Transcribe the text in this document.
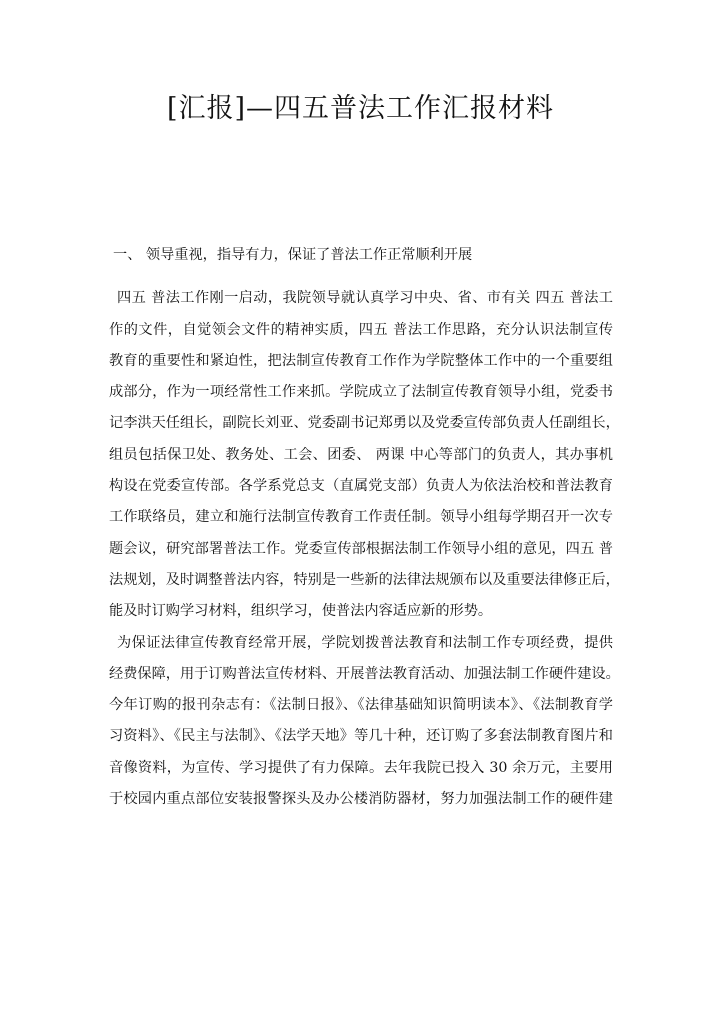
[汇报]—四五普法工作汇报材料
一、 领导重视，指导有力，保证了普法工作正常顺利开展
四五 普法工作刚一启动，我院领导就认真学习中央、省、市有关 四五 普法工
作的文件，自觉领会文件的精神实质，四五 普法工作思路，充分认识法制宣传
教育的重要性和紧迫性，把法制宣传教育工作作为学院整体工作中的一个重要组
成部分，作为一项经常性工作来抓。学院成立了法制宣传教育领导小组，党委书
记李洪天任组长，副院长刘亚、党委副书记郑勇以及党委宣传部负责人任副组长，
组员包括保卫处、教务处、工会、团委、 两课 中心等部门的负责人，其办事机
构设在党委宣传部。各学系党总支（直属党支部）负责人为依法治校和普法教育
工作联络员，建立和施行法制宣传教育工作责任制。领导小组每学期召开一次专
题会议，研究部署普法工作。党委宣传部根据法制工作领导小组的意见，四五 普
法规划，及时调整普法内容，特别是一些新的法律法规颁布以及重要法律修正后，
能及时订购学习材料，组织学习，使普法内容适应新的形势。
为保证法律宣传教育经常开展，学院划拨普法教育和法制工作专项经费，提供
经费保障，用于订购普法宣传材料、开展普法教育活动、加强法制工作硬件建设。
今年订购的报刊杂志有：《法制日报》、《法律基础知识简明读本》、《法制教育学
习资料》、《民主与法制》、《法学天地》等几十种，还订购了多套法制教育图片和
音像资料，为宣传、学习提供了有力保障。去年我院已投入 30 余万元，主要用
于校园内重点部位安装报警探头及办公楼消防器材，努力加强法制工作的硬件建
